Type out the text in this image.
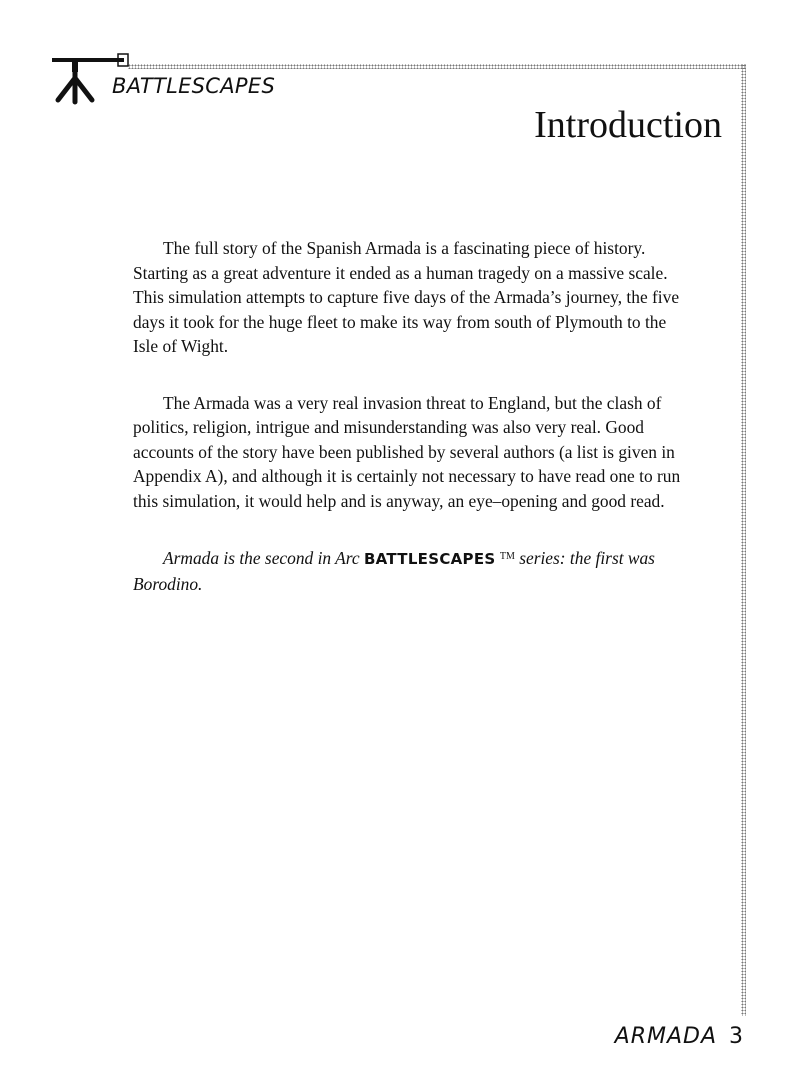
BATTLESCAPES
Introduction

The full story of the Spanish Armada is a fascinating piece of history. Starting as a great adventure it ended as a human tragedy on a massive scale. This simulation attempts to capture five days of the Armada’s journey, the five days it took for the huge fleet to make its way from south of Plymouth to the Isle of Wight.

The Armada was a very real invasion threat to England, but the clash of politics, religion, intrigue and misunderstanding was also very real. Good accounts of the story have been published by several authors (a list is given in Appendix A), and although it is certainly not necessary to have read one to run this simulation, it would help and is anyway, an eye–opening and good read.

Armada is the second in Arc BATTLESCAPES ™ series: the first was Borodino.

ARMADA 3
